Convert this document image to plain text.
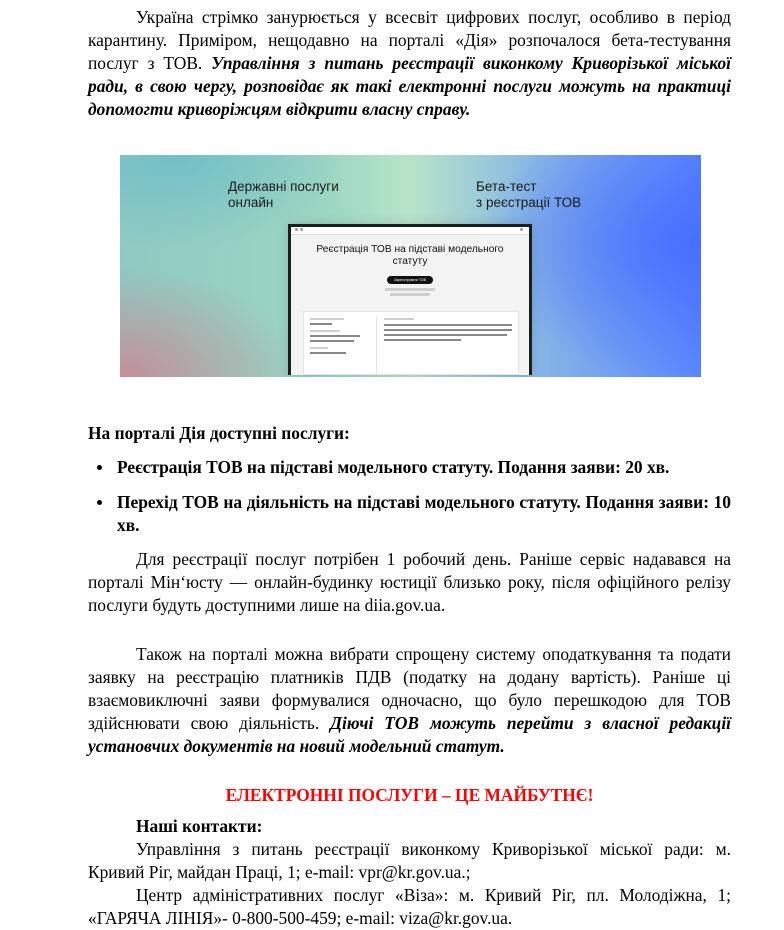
Україна стрімко занурюється у всесвіт цифрових послуг, особливо в період карантину. Приміром, нещодавно на порталі «Дія» розпочалося бета-тестування послуг з ТОВ. Управління з питань реєстрації виконкому Криворізької міської ради, в свою чергу, розповідає як такі електронні послуги можуть на практиці допомогти криворіжцям відкрити власну справу.

Державні послуги
онлайн
Бета-тест
з реєстрації ТОВ
Реєстрація ТОВ на підставі модельного статуту
Зареєструвати ТОВ

На порталі Дія доступні послуги:

Реєстрація ТОВ на підставі модельного статуту. Подання заяви: 20 хв.
Перехід ТОВ на діяльність на підставі модельного статуту. Подання заяви: 10 хв.

Для реєстрації послуг потрібен 1 робочий день. Раніше сервіс надавався на порталі Мін‘юсту — онлайн-будинку юстиції близько року, після офіційного релізу послуги будуть доступними лише на diia.gov.ua.

Також на порталі можна вибрати спрощену систему оподаткування та подати заявку на реєстрацію платників ПДВ (податку на додану вартість). Раніше ці взаємовиключні заяви формувалися одночасно, що було перешкодою для ТОВ здійснювати свою діяльність. Діючі ТОВ можуть перейти з власної редакції установчих документів на новий модельний статут.

ЕЛЕКТРОННІ ПОСЛУГИ – ЦЕ МАЙБУТНЄ!

Наші контакти:

Управління з питань реєстрації виконкому Криворізької міської ради: м. Кривий Ріг, майдан Праці, 1; e-mail: vpr@kr.gov.ua.;

Центр адміністративних послуг «Віза»: м. Кривий Ріг, пл. Молодіжна, 1; «ГАРЯЧА ЛІНІЯ»- 0-800-500-459; e-mail: viza@kr.gov.ua.
